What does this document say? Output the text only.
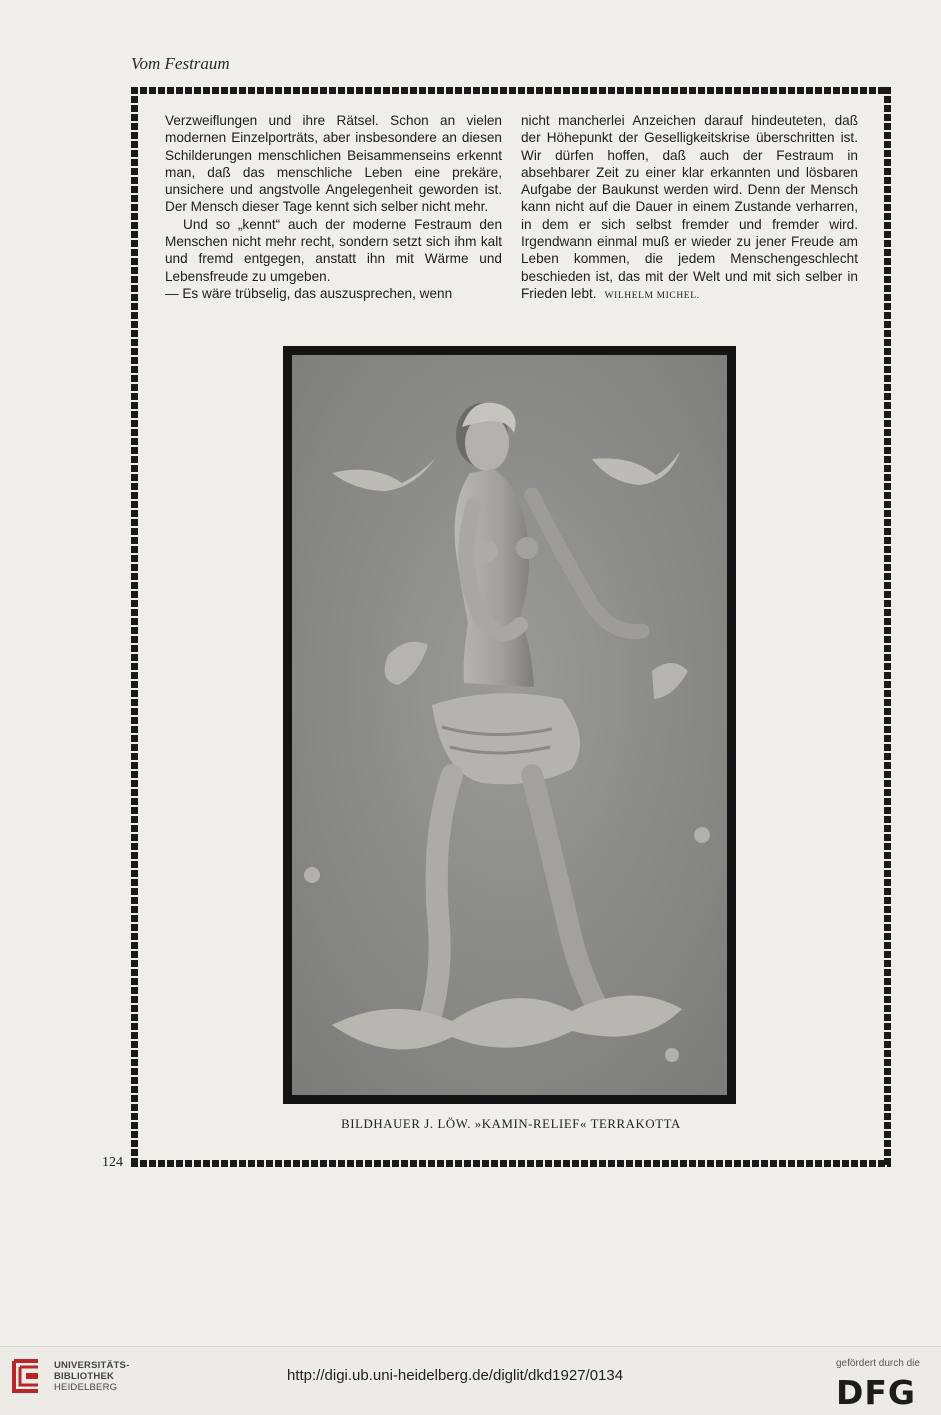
Vom Festraum

Verzweiflungen und ihre Rätsel. Schon an vielen modernen Einzelporträts, aber insbesondere an diesen Schilderungen menschlichen Beisammenseins erkennt man, daß das menschliche Leben eine prekäre, unsichere und angstvolle Angelegenheit geworden ist. Der Mensch dieser Tage kennt sich selber nicht mehr.

Und so „kennt“ auch der moderne Festraum den Menschen nicht mehr recht, sondern setzt sich ihm kalt und fremd entgegen, anstatt ihn mit Wärme und Lebensfreude zu umgeben.

— Es wäre trübselig, das auszusprechen, wenn

nicht mancherlei Anzeichen darauf hindeuteten, daß der Höhepunkt der Geselligkeitskrise überschritten ist. Wir dürfen hoffen, daß auch der Festraum in absehbarer Zeit zu einer klar erkannten und lösbaren Aufgabe der Baukunst werden wird. Denn der Mensch kann nicht auf die Dauer in einem Zustande verharren, in dem er sich selbst fremder und fremder wird. Irgendwann einmal muß er wieder zu jener Freude am Leben kommen, die jedem Menschengeschlecht beschieden ist, das mit der Welt und mit sich selber in Frieden lebt. WILHELM MICHEL.

BILDHAUER J. LÖW. »KAMIN-RELIEF« TERRAKOTTA
124
UNIVERSITÄTS-
BIBLIOTHEK
HEIDELBERG
http://digi.ub.uni-heidelberg.de/diglit/dkd1927/0134
gefördert durch die
DFG
